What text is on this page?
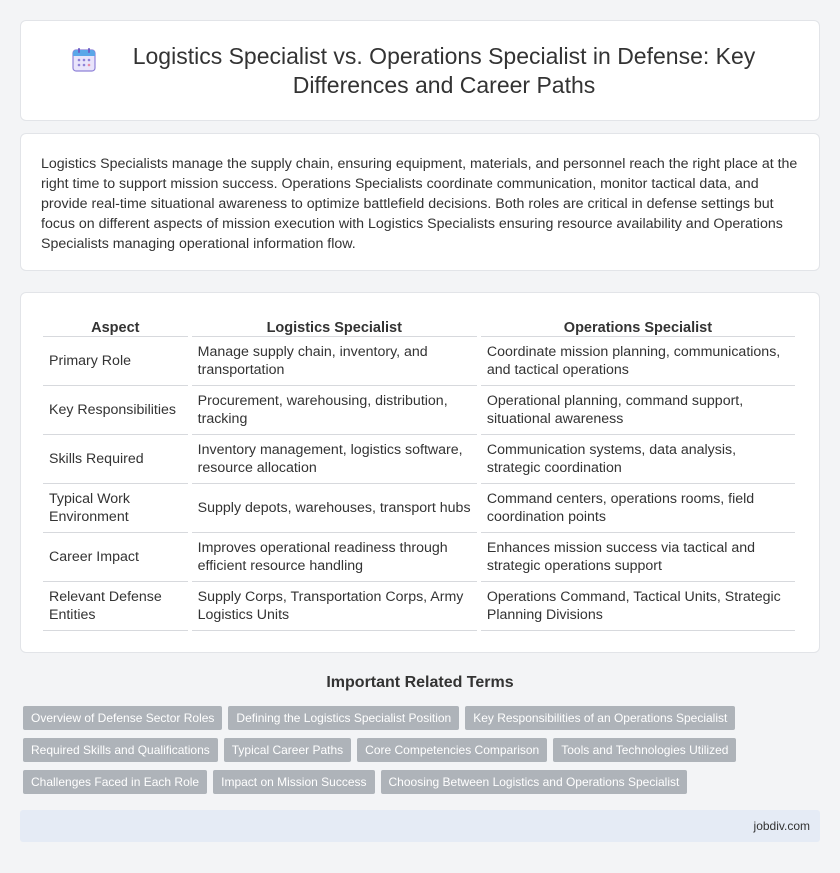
Logistics Specialist vs. Operations Specialist in Defense: Key Differences and Career Paths

Logistics Specialists manage the supply chain, ensuring equipment, materials, and personnel reach the right place at the right time to support mission success. Operations Specialists coordinate communication, monitor tactical data, and provide real-time situational awareness to optimize battlefield decisions. Both roles are critical in defense settings but focus on different aspects of mission execution with Logistics Specialists ensuring resource availability and Operations Specialists managing operational information flow.

Aspect	Logistics Specialist	Operations Specialist
Primary Role	Manage supply chain, inventory, and transportation	Coordinate mission planning, communications, and tactical operations
Key Responsibilities	Procurement, warehousing, distribution, tracking	Operational planning, command support, situational awareness
Skills Required	Inventory management, logistics software, resource allocation	Communication systems, data analysis, strategic coordination
Typical Work Environment	Supply depots, warehouses, transport hubs	Command centers, operations rooms, field coordination points
Career Impact	Improves operational readiness through efficient resource handling	Enhances mission success via tactical and strategic operations support
Relevant Defense Entities	Supply Corps, Transportation Corps, Army Logistics Units	Operations Command, Tactical Units, Strategic Planning Divisions
Important Related Terms
Overview of Defense Sector Roles	Defining the Logistics Specialist Position	Key Responsibilities of an Operations Specialist
Required Skills and Qualifications	Typical Career Paths	Core Competencies Comparison	Tools and Technologies Utilized
Challenges Faced in Each Role	Impact on Mission Success	Choosing Between Logistics and Operations Specialist
jobdiv.com
